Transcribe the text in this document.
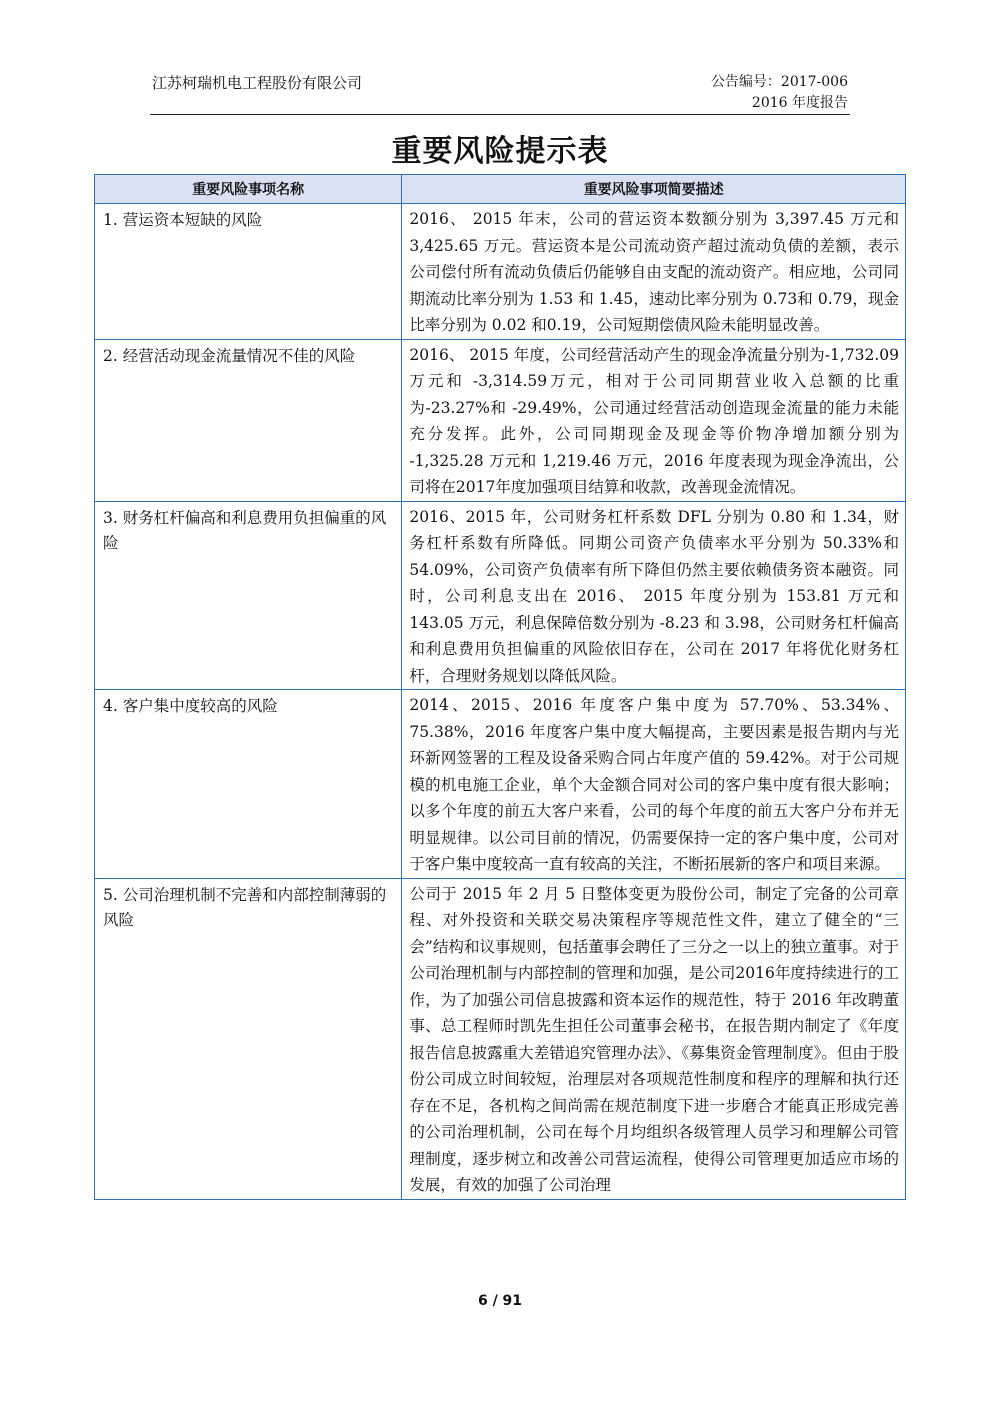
江苏柯瑞机电工程股份有限公司	公告编号：2017-006
2016 年度报告
重要风险提示表
重要风险事项名称	重要风险事项简要描述
1. 营运资本短缺的风险	2016、 2015 年末，公司的营运资本数额分别为 3,397.45 万元和 3,425.65 万元。营运资本是公司流动资产超过流动负债的差额，表示公司偿付所有流动负债后仍能够自由支配的流动资产。相应地，公司同期流动比率分别为 1.53 和 1.45，速动比率分别为 0.73和 0.79，现金比率分别为 0.02 和0.19，公司短期偿债风险未能明显改善。
2. 经营活动现金流量情况不佳的风险	2016、 2015 年度，公司经营活动产生的现金净流量分别为-1,732.09万元和 -3,314.59万元，相对于公司同期营业收入总额的比重为-23.27%和 -29.49%，公司通过经营活动创造现金流量的能力未能充分发挥。此外，公司同期现金及现金等价物净增加额分别为 -1,325.28 万元和 1,219.46 万元，2016 年度表现为现金净流出，公司将在2017年度加强项目结算和收款，改善现金流情况。
3. 财务杠杆偏高和利息费用负担偏重的风险	2016、2015 年，公司财务杠杆系数 DFL 分别为 0.80 和 1.34，财务杠杆系数有所降低。同期公司资产负债率水平分别为 50.33%和 54.09%，公司资产负债率有所下降但仍然主要依赖债务资本融资。同时，公司利息支出在 2016、 2015 年度分别为 153.81 万元和 143.05 万元，利息保障倍数分别为 -8.23 和 3.98，公司财务杠杆偏高和利息费用负担偏重的风险依旧存在，公司在 2017 年将优化财务杠杆，合理财务规划以降低风险。
4. 客户集中度较高的风险	2014、2015、2016 年度客户集中度为 57.70%、53.34%、75.38%，2016 年度客户集中度大幅提高，主要因素是报告期内与光环新网签署的工程及设备采购合同占年度产值的 59.42%。对于公司规模的机电施工企业，单个大金额合同对公司的客户集中度有很大影响；以多个年度的前五大客户来看，公司的每个年度的前五大客户分布并无明显规律。以公司目前的情况，仍需要保持一定的客户集中度，公司对于客户集中度较高一直有较高的关注，不断拓展新的客户和项目来源。
5. 公司治理机制不完善和内部控制薄弱的风险	公司于 2015 年 2 月 5 日整体变更为股份公司，制定了完备的公司章程、对外投资和关联交易决策程序等规范性文件，建立了健全的“三会”结构和议事规则，包括董事会聘任了三分之一以上的独立董事。对于公司治理机制与内部控制的管理和加强，是公司2016年度持续进行的工作，为了加强公司信息披露和资本运作的规范性，特于 2016 年改聘董事、总工程师时凯先生担任公司董事会秘书，在报告期内制定了《年度报告信息披露重大差错追究管理办法》、《募集资金管理制度》。但由于股份公司成立时间较短，治理层对各项规范性制度和程序的理解和执行还存在不足，各机构之间尚需在规范制度下进一步磨合才能真正形成完善的公司治理机制，公司在每个月均组织各级管理人员学习和理解公司管理制度，逐步树立和改善公司营运流程，使得公司管理更加适应市场的发展，有效的加强了公司治理
6 / 91
